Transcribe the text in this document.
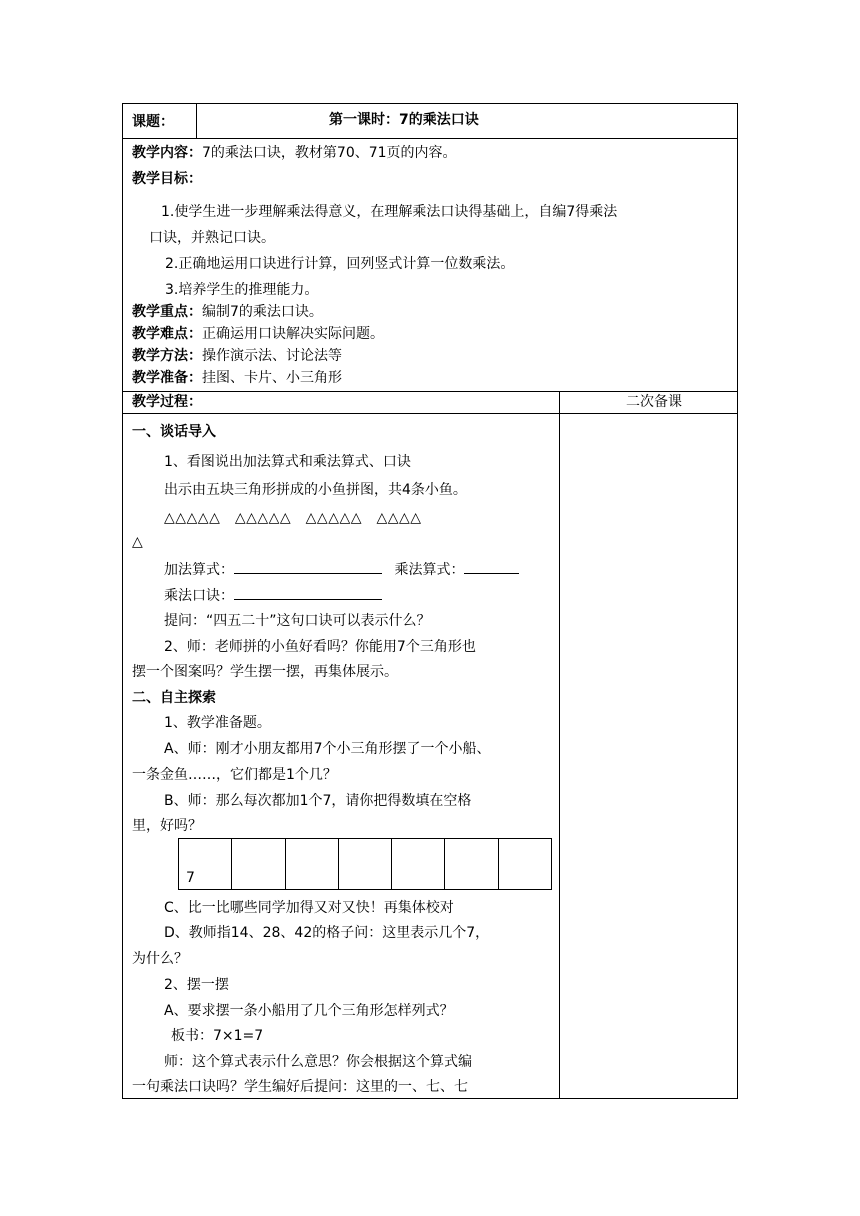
课题：	第一课时：7的乘法口诀
教学内容：7的乘法口诀，教材第70、71页的内容。
教学目标：
1.使学生进一步理解乘法得意义，在理解乘法口诀得基础上，自编7得乘法
口诀，并熟记口诀。
2.正确地运用口诀进行计算，回列竖式计算一位数乘法。
3.培养学生的推理能力。
教学重点：编制7的乘法口诀。
教学难点：正确运用口诀解决实际问题。
教学方法：操作演示法、讨论法等
教学准备：挂图、卡片、小三角形
教学过程：	二次备课
一、谈话导入
1、看图说出加法算式和乘法算式、口诀
出示由五块三角形拼成的小鱼拼图，共4条小鱼。
△△△△△　△△△△△　△△△△△　△△△△
△
加法算式：	乘法算式：
乘法口诀：
提问：“四五二十”这句口诀可以表示什么？
2、师：老师拼的小鱼好看吗？你能用7个三角形也
摆一个图案吗？学生摆一摆，再集体展示。
二、自主探索
1、教学准备题。
A、师：刚才小朋友都用7个小三角形摆了一个小船、
一条金鱼……，它们都是1个几？
B、师：那么每次都加1个7，请你把得数填在空格
里，好吗？
7
C、比一比哪些同学加得又对又快！再集体校对
D、教师指14、28、42的格子问：这里表示几个7，
为什么？
2、摆一摆
A、要求摆一条小船用了几个三角形怎样列式？
板书：7×1=7
师：这个算式表示什么意思？你会根据这个算式编
一句乘法口诀吗？学生编好后提问：这里的一、七、七
